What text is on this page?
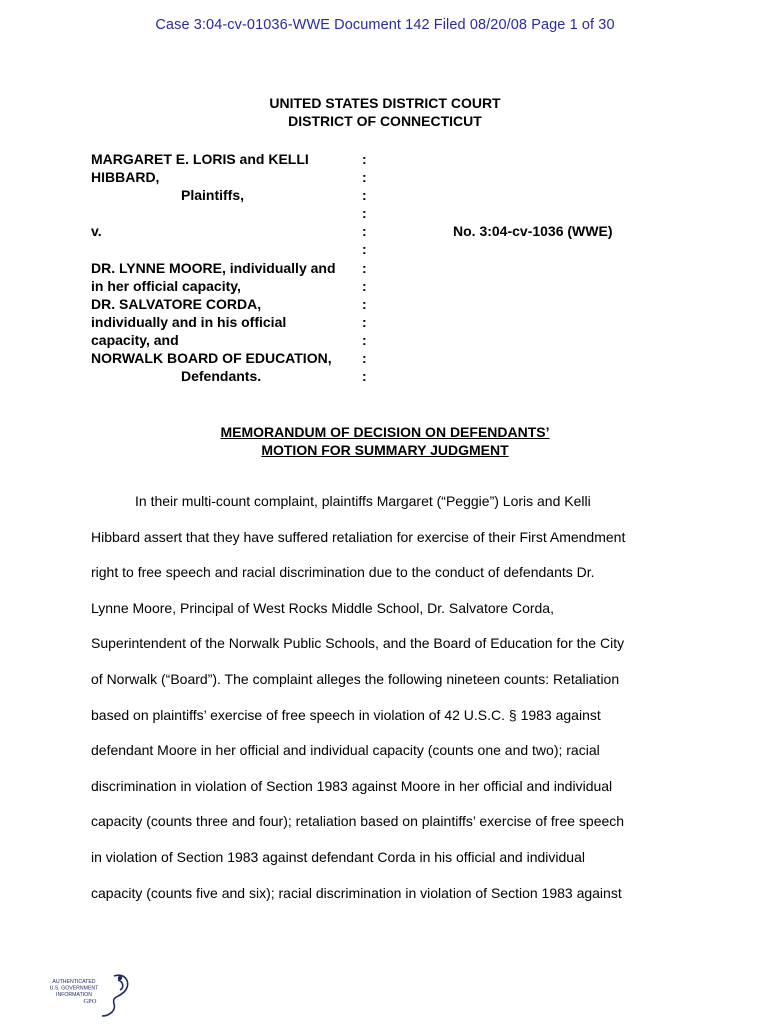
Case 3:04-cv-01036-WWE Document 142 Filed 08/20/08 Page 1 of 30
UNITED STATES DISTRICT COURT
DISTRICT OF CONNECTICUT
MARGARET E. LORIS and KELLI	:
HIBBARD,	:
Plaintiffs,	:
:
v.	:	No. 3:04-cv-1036 (WWE)
:
DR. LYNNE MOORE, individually and :
in her official capacity,	:
DR. SALVATORE CORDA,	:
individually and in his official	:
capacity, and	:
NORWALK BOARD OF EDUCATION, :
Defendants.	:
MEMORANDUM OF DECISION ON DEFENDANTS’
MOTION FOR SUMMARY JUDGMENT
In their multi-count complaint, plaintiffs Margaret (“Peggie”) Loris and Kelli
Hibbard assert that they have suffered retaliation for exercise of their First Amendment
right to free speech and racial discrimination due to the conduct of defendants Dr.
Lynne Moore, Principal of West Rocks Middle School, Dr. Salvatore Corda,
Superintendent of the Norwalk Public Schools, and the Board of Education for the City
of Norwalk (“Board”). The complaint alleges the following nineteen counts: Retaliation
based on plaintiffs’ exercise of free speech in violation of 42 U.S.C. § 1983 against
defendant Moore in her official and individual capacity (counts one and two); racial
discrimination in violation of Section 1983 against Moore in her official and individual
capacity (counts three and four); retaliation based on plaintiffs’ exercise of free speech
in violation of Section 1983 against defendant Corda in his official and individual
capacity (counts five and six); racial discrimination in violation of Section 1983 against
AUTHENTICATED
U.S. GOVERNMENT
INFORMATION
GPO
